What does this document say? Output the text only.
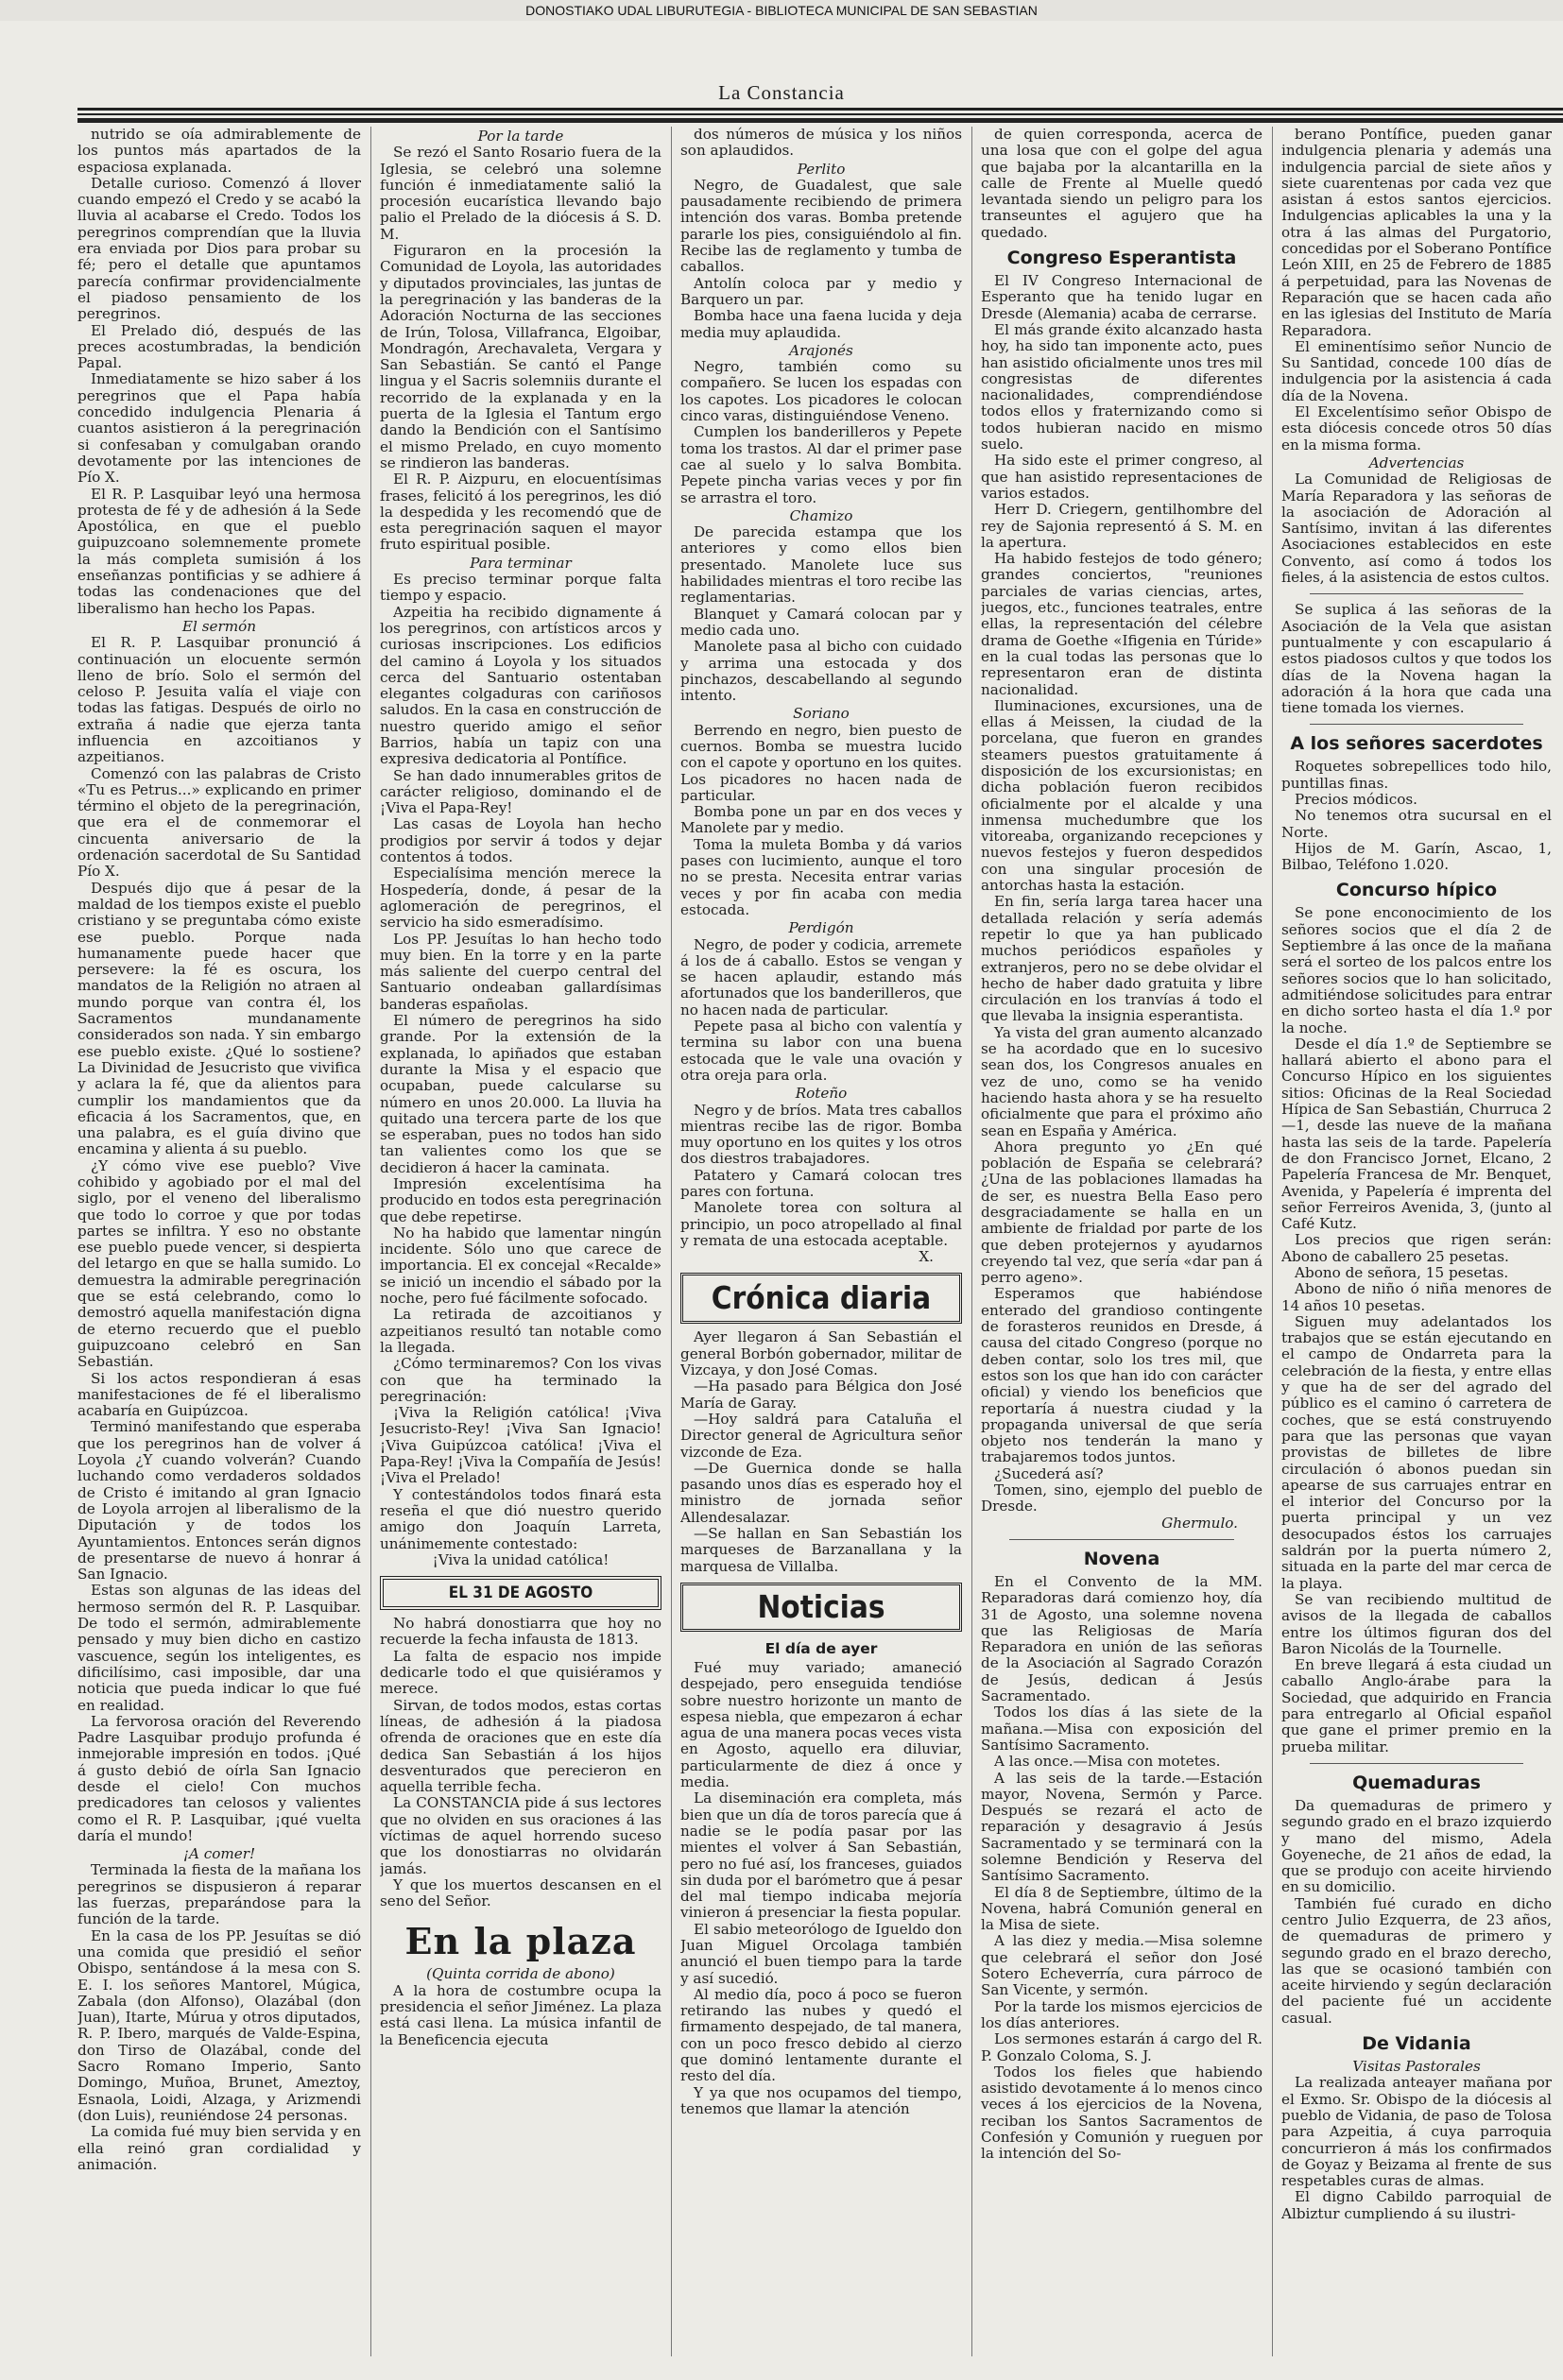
DONOSTIAKO UDAL LIBURUTEGIA - BIBLIOTECA MUNICIPAL DE SAN SEBASTIAN
La Constancia

nutrido se oía admirablemente de los puntos más apartados de la espaciosa explanada.

Detalle curioso. Comenzó á llover cuando empezó el Credo y se acabó la lluvia al acabarse el Credo. Todos los peregrinos comprendían que la lluvia era enviada por Dios para probar su fé; pero el detalle que apuntamos parecía confirmar providencialmente el piadoso pensamiento de los peregrinos.

El Prelado dió, después de las preces acostumbradas, la bendición Papal.

Inmediatamente se hizo saber á los peregrinos que el Papa había concedido indulgencia Plenaria á cuantos asistieron á la peregrinación si confesaban y comulgaban orando devotamente por las intenciones de Pío X.

El R. P. Lasquibar leyó una hermosa protesta de fé y de adhesión á la Sede Apostólica, en que el pueblo guipuzcoano solemnemente promete la más completa sumisión á los enseñanzas pontificias y se adhiere á todas las condenaciones que del liberalismo han hecho los Papas.

El sermón

El R. P. Lasquibar pronunció á continuación un elocuente sermón lleno de brío. Solo el sermón del celoso P. Jesuita valía el viaje con todas las fatigas. Después de oirlo no extraña á nadie que ejerza tanta influencia en azcoitianos y azpeitianos.

Comenzó con las palabras de Cristo «Tu es Petrus...» explicando en primer término el objeto de la peregrinación, que era el de conmemorar el cincuenta aniversario de la ordenación sacerdotal de Su Santidad Pío X.

Después dijo que á pesar de la maldad de los tiempos existe el pueblo cristiano y se preguntaba cómo existe ese pueblo. Porque nada humanamente puede hacer que persevere: la fé es oscura, los mandatos de la Religión no atraen al mundo porque van contra él, los Sacramentos mundanamente considerados son nada. Y sin embargo ese pueblo existe. ¿Qué lo sostiene? La Divinidad de Jesucristo que vivifica y aclara la fé, que da alientos para cumplir los mandamientos que da eficacia á los Sacramentos, que, en una palabra, es el guía divino que encamina y alienta á su pueblo.

¿Y cómo vive ese pueblo? Vive cohibido y agobiado por el mal del siglo, por el veneno del liberalismo que todo lo corroe y que por todas partes se infiltra. Y eso no obstante ese pueblo puede vencer, si despierta del letargo en que se halla sumido. Lo demuestra la admirable peregrinación que se está celebrando, como lo demostró aquella manifestación digna de eterno recuerdo que el pueblo guipuzcoano celebró en San Sebastián.

Si los actos respondieran á esas manifestaciones de fé el liberalismo acabaría en Guipúzcoa.

Terminó manifestando que esperaba que los peregrinos han de volver á Loyola ¿Y cuando volverán? Cuando luchando como verdaderos soldados de Cristo é imitando al gran Ignacio de Loyola arrojen al liberalismo de la Diputación y de todos los Ayuntamientos. Entonces serán dignos de presentarse de nuevo á honrar á San Ignacio.

Estas son algunas de las ideas del hermoso sermón del R. P. Lasquibar. De todo el sermón, admirablemente pensado y muy bien dicho en castizo vascuence, según los inteligentes, es dificilísimo, casi imposible, dar una noticia que pueda indicar lo que fué en realidad.

La fervorosa oración del Reverendo Padre Lasquibar produjo profunda é inmejorable impresión en todos. ¡Qué á gusto debió de oírla San Ignacio desde el cielo! Con muchos predicadores tan celosos y valientes como el R. P. Lasquibar, ¡qué vuelta daría el mundo!

¡A comer!

Terminada la fiesta de la mañana los peregrinos se dispusieron á reparar las fuerzas, preparándose para la función de la tarde.

En la casa de los PP. Jesuítas se dió una comida que presidió el señor Obispo, sentándose á la mesa con S. E. I. los señores Mantorel, Múgica, Zabala (don Alfonso), Olazábal (don Juan), Itarte, Múrua y otros diputados, R. P. Ibero, marqués de Valde-Espina, don Tirso de Olazábal, conde del Sacro Romano Imperio, Santo Domingo, Muñoa, Brunet, Ameztoy, Esnaola, Loidi, Alzaga, y Arizmendi (don Luis), reuniéndose 24 personas.

La comida fué muy bien servida y en ella reinó gran cordialidad y animación.

Por la tarde

Se rezó el Santo Rosario fuera de la Iglesia, se celebró una solemne función é inmediatamente salió la procesión eucarística llevando bajo palio el Prelado de la diócesis á S. D. M.

Figuraron en la procesión la Comunidad de Loyola, las autoridades y diputados provinciales, las juntas de la peregrinación y las banderas de la Adoración Nocturna de las secciones de Irún, Tolosa, Villafranca, Elgoibar, Mondragón, Arechavaleta, Vergara y San Sebastián. Se cantó el Pange lingua y el Sacris solemniis durante el recorrido de la explanada y en la puerta de la Iglesia el Tantum ergo dando la Bendición con el Santísimo el mismo Prelado, en cuyo momento se rindieron las banderas.

El R. P. Aizpuru, en elocuentísimas frases, felicitó á los peregrinos, les dió la despedida y les recomendó que de esta peregrinación saquen el mayor fruto espiritual posible.

Para terminar

Es preciso terminar porque falta tiempo y espacio.

Azpeitia ha recibido dignamente á los peregrinos, con artísticos arcos y curiosas inscripciones. Los edificios del camino á Loyola y los situados cerca del Santuario ostentaban elegantes colgaduras con cariñosos saludos. En la casa en construcción de nuestro querido amigo el señor Barrios, había un tapiz con una expresiva dedicatoria al Pontífice.

Se han dado innumerables gritos de carácter religioso, dominando el de ¡Viva el Papa-Rey!

Las casas de Loyola han hecho prodigios por servir á todos y dejar contentos á todos.

Especialísima mención merece la Hospedería, donde, á pesar de la aglomeración de peregrinos, el servicio ha sido esmeradísimo.

Los PP. Jesuítas lo han hecho todo muy bien. En la torre y en la parte más saliente del cuerpo central del Santuario ondeaban gallardísimas banderas españolas.

El número de peregrinos ha sido grande. Por la extensión de la explanada, lo apiñados que estaban durante la Misa y el espacio que ocupaban, puede calcularse su número en unos 20.000. La lluvia ha quitado una tercera parte de los que se esperaban, pues no todos han sido tan valientes como los que se decidieron á hacer la caminata.

Impresión excelentísima ha producido en todos esta peregrinación que debe repetirse.

No ha habido que lamentar ningún incidente. Sólo uno que carece de importancia. El ex concejal «Recalde» se inició un incendio el sábado por la noche, pero fué fácilmente sofocado.

La retirada de azcoitianos y azpeitianos resultó tan notable como la llegada.

¿Cómo terminaremos? Con los vivas con que ha terminado la peregrinación:

¡Viva la Religión católica! ¡Viva Jesucristo-Rey! ¡Viva San Ignacio! ¡Viva Guipúzcoa católica! ¡Viva el Papa-Rey! ¡Viva la Compañía de Jesús! ¡Viva el Prelado!

Y contestándolos todos finará esta reseña el que dió nuestro querido amigo don Joaquín Larreta, unánimemente contestado:

¡Viva la unidad católica!

EL 31 DE AGOSTO

No habrá donostiarra que hoy no recuerde la fecha infausta de 1813.

La falta de espacio nos impide dedicarle todo el que quisiéramos y merece.

Sirvan, de todos modos, estas cortas líneas, de adhesión á la piadosa ofrenda de oraciones que en este día dedica San Sebastián á los hijos desventurados que perecieron en aquella terrible fecha.

La CONSTANCIA pide á sus lectores que no olviden en sus oraciones á las víctimas de aquel horrendo suceso que los donostiarras no olvidarán jamás.

Y que los muertos descansen en el seno del Señor.

En la plaza

(Quinta corrida de abono)

A la hora de costumbre ocupa la presidencia el señor Jiménez. La plaza está casi llena. La música infantil de la Beneficencia ejecuta

dos números de música y los niños son aplaudidos.

Perlito

Negro, de Guadalest, que sale pausadamente recibiendo de primera intención dos varas. Bomba pretende pararle los pies, consiguiéndolo al fin. Recibe las de reglamento y tumba de caballos.

Antolín coloca par y medio y Barquero un par.

Bomba hace una faena lucida y deja media muy aplaudida.

Arajonés

Negro, también como su compañero. Se lucen los espadas con los capotes. Los picadores le colocan cinco varas, distinguiéndose Veneno.

Cumplen los banderilleros y Pepete toma los trastos. Al dar el primer pase cae al suelo y lo salva Bombita. Pepete pincha varias veces y por fin se arrastra el toro.

Chamizo

De parecida estampa que los anteriores y como ellos bien presentado. Manolete luce sus habilidades mientras el toro recibe las reglamentarias.

Blanquet y Camará colocan par y medio cada uno.

Manolete pasa al bicho con cuidado y arrima una estocada y dos pinchazos, descabellando al segundo intento.

Soriano

Berrendo en negro, bien puesto de cuernos. Bomba se muestra lucido con el capote y oportuno en los quites. Los picadores no hacen nada de particular.

Bomba pone un par en dos veces y Manolete par y medio.

Toma la muleta Bomba y dá varios pases con lucimiento, aunque el toro no se presta. Necesita entrar varias veces y por fin acaba con media estocada.

Perdigón

Negro, de poder y codicia, arremete á los de á caballo. Estos se vengan y se hacen aplaudir, estando más afortunados que los banderilleros, que no hacen nada de particular.

Pepete pasa al bicho con valentía y termina su labor con una buena estocada que le vale una ovación y otra oreja para orla.

Roteño

Negro y de bríos. Mata tres caballos mientras recibe las de rigor. Bomba muy oportuno en los quites y los otros dos diestros trabajadores.

Patatero y Camará colocan tres pares con fortuna.

Manolete torea con soltura al principio, un poco atropellado al final y remata de una estocada aceptable.

X.

Crónica diaria

Ayer llegaron á San Sebastián el general Borbón gobernador, militar de Vizcaya, y don José Comas.

—Ha pasado para Bélgica don José María de Garay.

—Hoy saldrá para Cataluña el Director general de Agricultura señor vizconde de Eza.

—De Guernica donde se halla pasando unos días es esperado hoy el ministro de jornada señor Allendesalazar.

—Se hallan en San Sebastián los marqueses de Barzanallana y la marquesa de Villalba.

Noticias
El día de ayer

Fué muy variado; amaneció despejado, pero enseguida tendióse sobre nuestro horizonte un manto de espesa niebla, que empezaron á echar agua de una manera pocas veces vista en Agosto, aquello era diluviar, particularmente de diez á once y media.

La diseminación era completa, más bien que un día de toros parecía que á nadie se le podía pasar por las mientes el volver á San Sebastián, pero no fué así, los franceses, guiados sin duda por el barómetro que á pesar del mal tiempo indicaba mejoría vinieron á presenciar la fiesta popular.

El sabio meteorólogo de Igueldo don Juan Miguel Orcolaga también anunció el buen tiempo para la tarde y así sucedió.

Al medio día, poco á poco se fueron retirando las nubes y quedó el firmamento despejado, de tal manera, con un poco fresco debido al cierzo que dominó lentamente durante el resto del día.

Y ya que nos ocupamos del tiempo, tenemos que llamar la atención

de quien corresponda, acerca de una losa que con el golpe del agua que bajaba por la alcantarilla en la calle de Frente al Muelle quedó levantada siendo un peligro para los transeuntes el agujero que ha quedado.

Congreso Esperantista

El IV Congreso Internacional de Esperanto que ha tenido lugar en Dresde (Alemania) acaba de cerrarse.

El más grande éxito alcanzado hasta hoy, ha sido tan imponente acto, pues han asistido oficialmente unos tres mil congresistas de diferentes nacionalidades, comprendiéndose todos ellos y fraternizando como si todos hubieran nacido en mismo suelo.

Ha sido este el primer congreso, al que han asistido representaciones de varios estados.

Herr D. Criegern, gentilhombre del rey de Sajonia representó á S. M. en la apertura.

Ha habido festejos de todo género; grandes conciertos, "reuniones parciales de varias ciencias, artes, juegos, etc., funciones teatrales, entre ellas, la representación del célebre drama de Goethe «Ifigenia en Túride» en la cual todas las personas que lo representaron eran de distinta nacionalidad.

Iluminaciones, excursiones, una de ellas á Meissen, la ciudad de la porcelana, que fueron en grandes steamers puestos gratuitamente á disposición de los excursionistas; en dicha población fueron recibidos oficialmente por el alcalde y una inmensa muchedumbre que los vitoreaba, organizando recepciones y nuevos festejos y fueron despedidos con una singular procesión de antorchas hasta la estación.

En fin, sería larga tarea hacer una detallada relación y sería además repetir lo que ya han publicado muchos periódicos españoles y extranjeros, pero no se debe olvidar el hecho de haber dado gratuita y libre circulación en los tranvías á todo el que llevaba la insignia esperantista.

Ya vista del gran aumento alcanzado se ha acordado que en lo sucesivo sean dos, los Congresos anuales en vez de uno, como se ha venido haciendo hasta ahora y se ha resuelto oficialmente que para el próximo año sean en España y América.

Ahora pregunto yo ¿En qué población de España se celebrará? ¿Una de las poblaciones llamadas ha de ser, es nuestra Bella Easo pero desgraciadamente se halla en un ambiente de frialdad por parte de los que deben protejernos y ayudarnos creyendo tal vez, que sería «dar pan á perro ageno».

Esperamos que habiéndose enterado del grandioso contingente de forasteros reunidos en Dresde, á causa del citado Congreso (porque no deben contar, solo los tres mil, que estos son los que han ido con carácter oficial) y viendo los beneficios que reportaría á nuestra ciudad y la propaganda universal de que sería objeto nos tenderán la mano y trabajaremos todos juntos.

¿Sucederá así?

Tomen, sino, ejemplo del pueblo de Dresde.

Ghermulo.

Novena

En el Convento de la MM. Reparadoras dará comienzo hoy, día 31 de Agosto, una solemne novena que las Religiosas de María Reparadora en unión de las señoras de la Asociación al Sagrado Corazón de Jesús, dedican á Jesús Sacramentado.

Todos los días á las siete de la mañana.—Misa con exposición del Santísimo Sacramento.

A las once.—Misa con motetes.

A las seis de la tarde.—Estación mayor, Novena, Sermón y Parce. Después se rezará el acto de reparación y desagravio á Jesús Sacramentado y se terminará con la solemne Bendición y Reserva del Santísimo Sacramento.

El día 8 de Septiembre, último de la Novena, habrá Comunión general en la Misa de siete.

A las diez y media.—Misa solemne que celebrará el señor don José Sotero Echeverría, cura párroco de San Vicente, y sermón.

Por la tarde los mismos ejercicios de los días anteriores.

Los sermones estarán á cargo del R. P. Gonzalo Coloma, S. J.

Todos los fieles que habiendo asistido devotamente á lo menos cinco veces á los ejercicios de la Novena, reciban los Santos Sacramentos de Confesión y Comunión y rueguen por la intención del So-

berano Pontífice, pueden ganar indulgencia plenaria y además una indulgencia parcial de siete años y siete cuarentenas por cada vez que asistan á estos santos ejercicios. Indulgencias aplicables la una y la otra á las almas del Purgatorio, concedidas por el Soberano Pontífice León XIII, en 25 de Febrero de 1885 á perpetuidad, para las Novenas de Reparación que se hacen cada año en las iglesias del Instituto de María Reparadora.

El eminentísimo señor Nuncio de Su Santidad, concede 100 días de indulgencia por la asistencia á cada día de la Novena.

El Excelentísimo señor Obispo de esta diócesis concede otros 50 días en la misma forma.

Advertencias

La Comunidad de Religiosas de María Reparadora y las señoras de la asociación de Adoración al Santísimo, invitan á las diferentes Asociaciones establecidos en este Convento, así como á todos los fieles, á la asistencia de estos cultos.

Se suplica á las señoras de la Asociación de la Vela que asistan puntualmente y con escapulario á estos piadosos cultos y que todos los días de la Novena hagan la adoración á la hora que cada una tiene tomada los viernes.

A los señores sacerdotes

Roquetes sobrepellices todo hilo, puntillas finas.

Precios módicos.

No tenemos otra sucursal en el Norte.

Hijos de M. Garín, Ascao, 1, Bilbao, Teléfono 1.020.

Concurso hípico

Se pone enconocimiento de los señores socios que el día 2 de Septiembre á las once de la mañana será el sorteo de los palcos entre los señores socios que lo han solicitado, admitiéndose solicitudes para entrar en dicho sorteo hasta el día 1.º por la noche.

Desde el día 1.º de Septiembre se hallará abierto el abono para el Concurso Hípico en los siguientes sitios: Oficinas de la Real Sociedad Hípica de San Sebastián, Churruca 2—1, desde las nueve de la mañana hasta las seis de la tarde. Papelería de don Francisco Jornet, Elcano, 2 Papelería Francesa de Mr. Benquet, Avenida, y Papelería é imprenta del señor Ferreiros Avenida, 3, (junto al Café Kutz.

Los precios que rigen serán: Abono de caballero 25 pesetas.

Abono de señora, 15 pesetas.

Abono de niño ó niña menores de 14 años 10 pesetas.

Siguen muy adelantados los trabajos que se están ejecutando en el campo de Ondarreta para la celebración de la fiesta, y entre ellas y que ha de ser del agrado del público es el camino ó carretera de coches, que se está construyendo para que las personas que vayan provistas de billetes de libre circulación ó abonos puedan sin apearse de sus carruajes entrar en el interior del Concurso por la puerta principal y un vez desocupados éstos los carruajes saldrán por la puerta número 2, situada en la parte del mar cerca de la playa.

Se van recibiendo multitud de avisos de la llegada de caballos entre los últimos figuran dos del Baron Nicolás de la Tournelle.

En breve llegará á esta ciudad un caballo Anglo-árabe para la Sociedad, que adquirido en Francia para entregarlo al Oficial español que gane el primer premio en la prueba militar.

Quemaduras

Da quemaduras de primero y segundo grado en el brazo izquierdo y mano del mismo, Adela Goyeneche, de 21 años de edad, la que se produjo con aceite hirviendo en su domicilio.

También fué curado en dicho centro Julio Ezquerra, de 23 años, de quemaduras de primero y segundo grado en el brazo derecho, las que se ocasionó también con aceite hirviendo y según declaración del paciente fué un accidente casual.

De Vidania

Visitas Pastorales

La realizada anteayer mañana por el Exmo. Sr. Obispo de la diócesis al pueblo de Vidania, de paso de Tolosa para Azpeitia, á cuya parroquia concurrieron á más los confirmados de Goyaz y Beizama al frente de sus respetables curas de almas.

El digno Cabildo parroquial de Albiztur cumpliendo á su ilustri-
